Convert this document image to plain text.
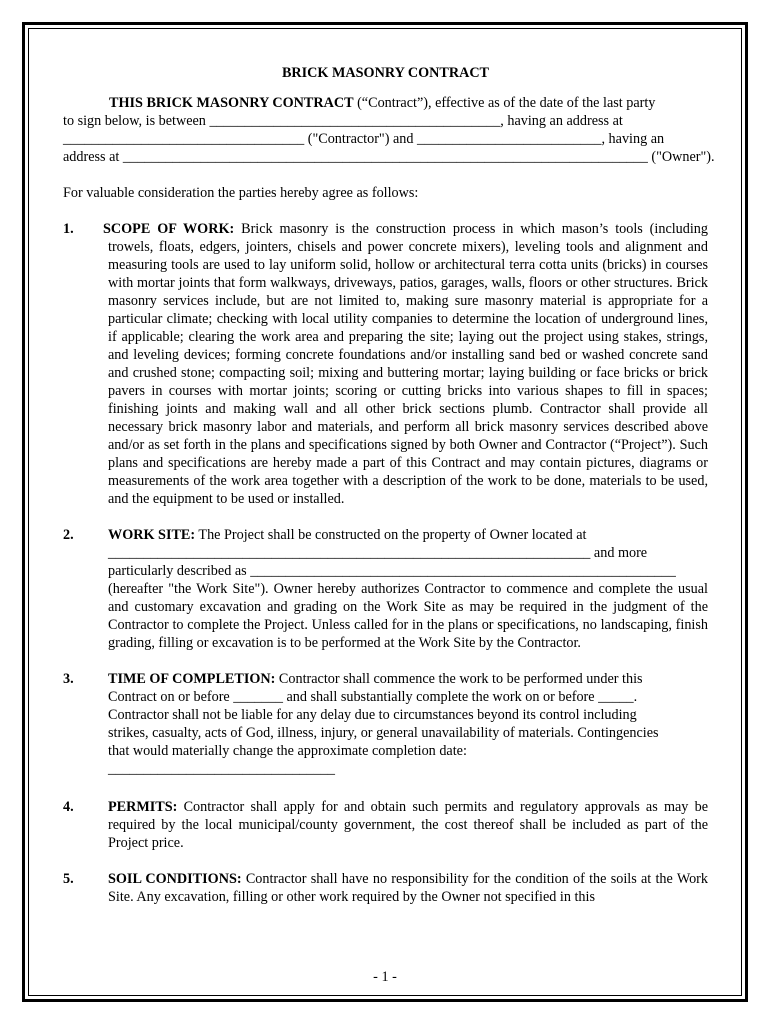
BRICK MASONRY CONTRACT

THIS BRICK MASONRY CONTRACT (“Contract”), effective as of the date of the last party

to sign below, is between _________________________________________, having an address at

__________________________________ ("Contractor") and __________________________, having an

address at __________________________________________________________________________ ("Owner").

For valuable consideration the parties hereby agree as follows:

1. SCOPE OF WORK: Brick masonry is the construction process in which mason’s tools (including trowels, floats, edgers, jointers, chisels and power concrete mixers), leveling tools and alignment and measuring tools are used to lay uniform solid, hollow or architectural terra cotta units (bricks) in courses with mortar joints that form walkways, driveways, patios, garages, walls, floors or other structures. Brick masonry services include, but are not limited to, making sure masonry material is appropriate for a particular climate; checking with local utility companies to determine the location of underground lines, if applicable; clearing the work area and preparing the site; laying out the project using stakes, strings, and leveling devices; forming concrete foundations and/or installing sand bed or washed concrete sand and crushed stone; compacting soil; mixing and buttering mortar; laying building or face bricks or brick pavers in courses with mortar joints; scoring or cutting bricks into various shapes to fill in spaces; finishing joints and making wall and all other brick sections plumb. Contractor shall provide all necessary brick masonry labor and materials, and perform all brick masonry services described above and/or as set forth in the plans and specifications signed by both Owner and Contractor (“Project”). Such plans and specifications are hereby made a part of this Contract and may contain pictures, diagrams or measurements of the work area together with a description of the work to be done, materials to be used, and the equipment to be used or installed.
2. WORK SITE: The Project shall be constructed on the property of Owner located at

____________________________________________________________________ and more

particularly described as ____________________________________________________________

(hereafter "the Work Site"). Owner hereby authorizes Contractor to commence and complete the usual and customary excavation and grading on the Work Site as may be required in the judgment of the Contractor to complete the Project. Unless called for in the plans or specifications, no landscaping, finish grading, filling or excavation is to be performed at the Work Site by the Contractor.

3. TIME OF COMPLETION: Contractor shall commence the work to be performed under this

Contract on or before _______ and shall substantially complete the work on or before _____.

Contractor shall not be liable for any delay due to circumstances beyond its control including

strikes, casualty, acts of God, illness, injury, or general unavailability of materials. Contingencies

that would materially change the approximate completion date:

________________________________

4. PERMITS: Contractor shall apply for and obtain such permits and regulatory approvals as may be required by the local municipal/county government, the cost thereof shall be included as part of the Project price.
5. SOIL CONDITIONS: Contractor shall have no responsibility for the condition of the soils at the Work Site. Any excavation, filling or other work required by the Owner not specified in this
- 1 -
